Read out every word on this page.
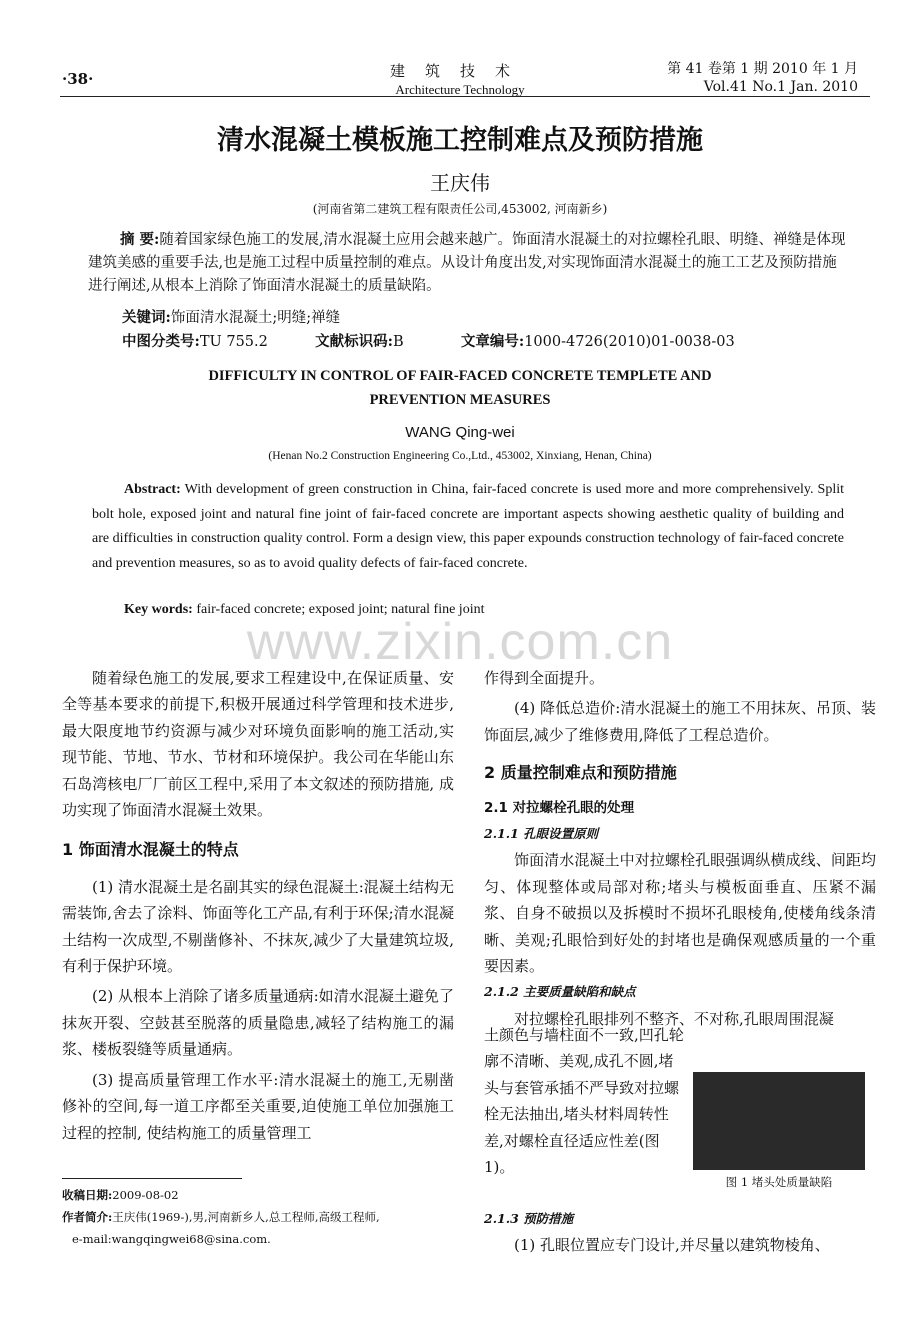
·38·	建筑技术
Architecture Technology
第 41 卷第 1 期 2010 年 1 月
Vol.41 No.1 Jan. 2010
清水混凝土模板施工控制难点及预防措施
王庆伟
(河南省第二建筑工程有限责任公司,453002, 河南新乡)
摘 要:随着国家绿色施工的发展,清水混凝土应用会越来越广。饰面清水混凝土的对拉螺栓孔眼、明缝、禅缝是体现建筑美感的重要手法,也是施工过程中质量控制的难点。从设计角度出发,对实现饰面清水混凝土的施工工艺及预防措施进行阐述,从根本上消除了饰面清水混凝土的质量缺陷。
关键词:饰面清水混凝土;明缝;禅缝
中图分类号:TU 755.2	文献标识码:B	文章编号:1000-4726(2010)01-0038-03
DIFFICULTY IN CONTROL OF FAIR-FACED CONCRETE TEMPLETE AND
PREVENTION MEASURES
WANG Qing-wei
(Henan No.2 Construction Engineering Co.,Ltd., 453002, Xinxiang, Henan, China)
Abstract: With development of green construction in China, fair-faced concrete is used more and more comprehensively. Split bolt hole, exposed joint and natural fine joint of fair-faced concrete are important aspects showing aesthetic quality of building and are difficulties in construction quality control. Form a design view, this paper expounds construction technology of fair-faced concrete and prevention measures, so as to avoid quality defects of fair-faced concrete.
Key words: fair-faced concrete; exposed joint; natural fine joint
www.zixin.com.cn

随着绿色施工的发展,要求工程建设中,在保证质量、安全等基本要求的前提下,积极开展通过科学管理和技术进步,最大限度地节约资源与减少对环境负面影响的施工活动,实现节能、节地、节水、节材和环境保护。我公司在华能山东石岛湾核电厂厂前区工程中,采用了本文叙述的预防措施, 成功实现了饰面清水混凝土效果。

1 饰面清水混凝土的特点

(1) 清水混凝土是名副其实的绿色混凝土:混凝土结构无需装饰,舍去了涂料、饰面等化工产品,有利于环保;清水混凝土结构一次成型,不剔凿修补、不抹灰,减少了大量建筑垃圾,有利于保护环境。

(2) 从根本上消除了诸多质量通病:如清水混凝土避免了抹灰开裂、空鼓甚至脱落的质量隐患,减轻了结构施工的漏浆、楼板裂缝等质量通病。

(3) 提高质量管理工作水平:清水混凝土的施工,无剔凿修补的空间,每一道工序都至关重要,迫使施工单位加强施工过程的控制, 使结构施工的质量管理工

收稿日期:2009-08-02
作者简介:王庆伟(1969-),男,河南新乡人,总工程师,高级工程师,
e-mail:wangqingwei68@sina.com.

作得到全面提升。

(4) 降低总造价:清水混凝土的施工不用抹灰、吊顶、装饰面层,减少了维修费用,降低了工程总造价。

2 质量控制难点和预防措施
2.1 对拉螺栓孔眼的处理
2.1.1 孔眼设置原则

饰面清水混凝土中对拉螺栓孔眼强调纵横成线、间距均匀、体现整体或局部对称;堵头与模板面垂直、压紧不漏浆、自身不破损以及拆模时不损坏孔眼棱角,使楼角线条清晰、美观;孔眼恰到好处的封堵也是确保观感质量的一个重要因素。

2.1.2 主要质量缺陷和缺点

对拉螺栓孔眼排列不整齐、不对称,孔眼周围混凝

土颜色与墙柱面不一致,凹孔轮廓不清晰、美观,成孔不圆,堵头与套管承插不严导致对拉螺栓无法抽出,堵头材料周转性差,对螺栓直径适应性差(图1)。
图 1 堵头处质量缺陷
2.1.3 预防措施

(1) 孔眼位置应专门设计,并尽量以建筑物棱角、
